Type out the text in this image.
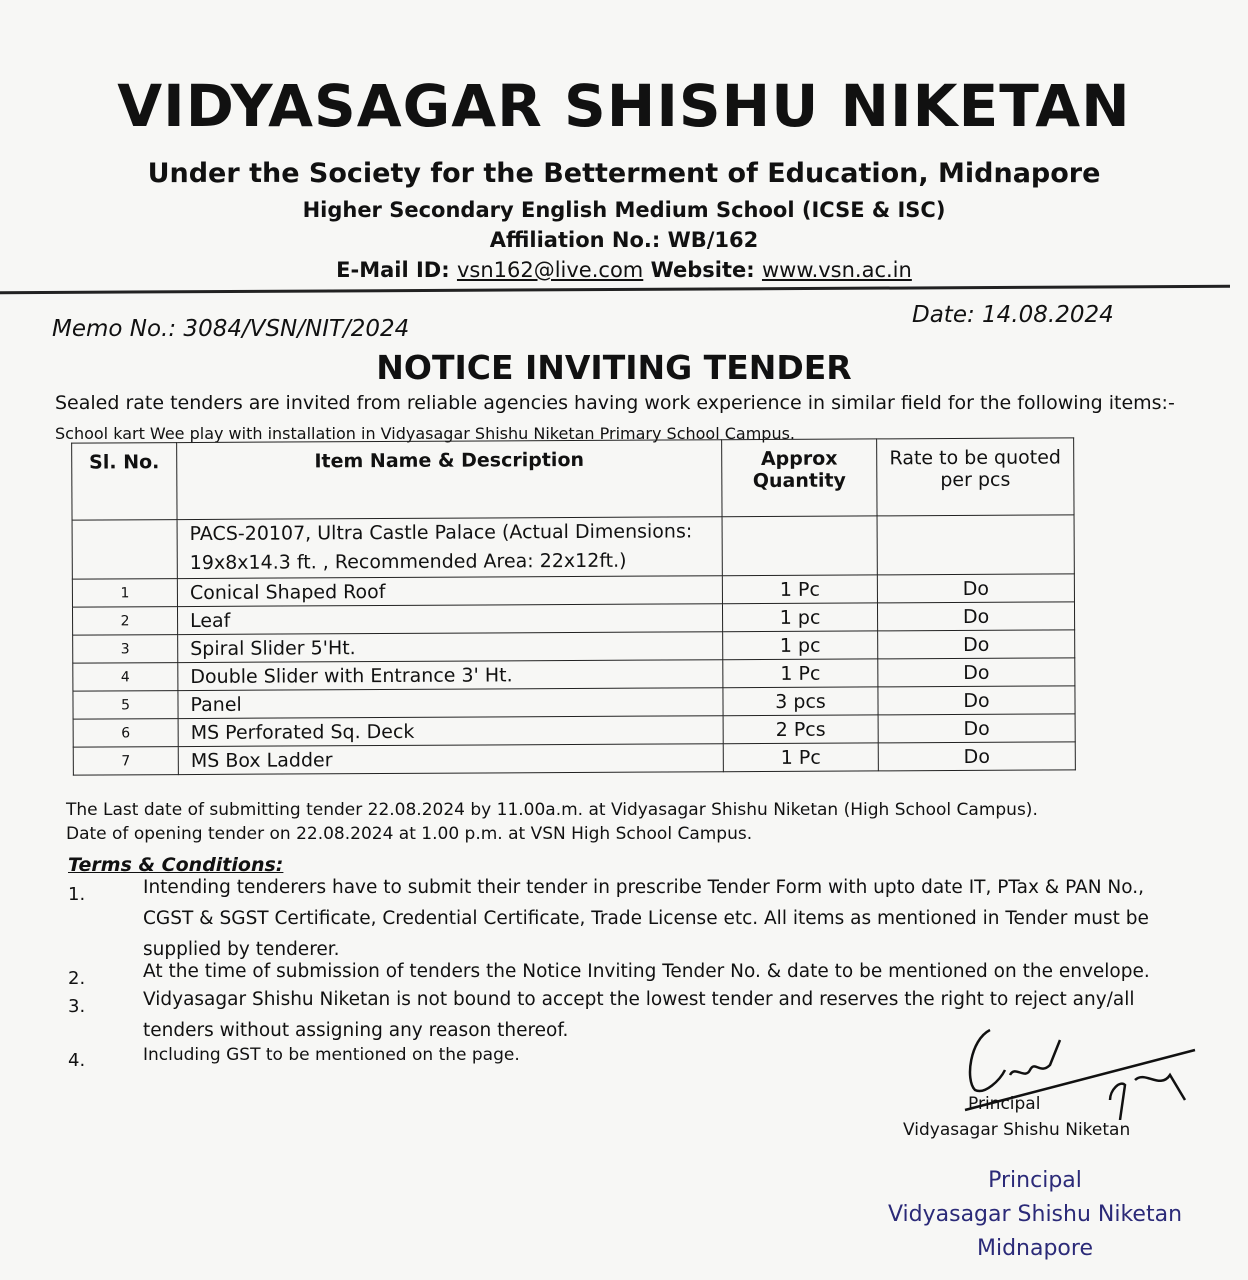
VIDYASAGAR SHISHU NIKETAN
Under the Society for the Betterment of Education, Midnapore
Higher Secondary English Medium School (ICSE & ISC)
Affiliation No.: WB/162
E-Mail ID: vsn162@live.com Website: www.vsn.ac.in
Memo No.: 3084/VSN/NIT/2024
Date: 14.08.2024
NOTICE INVITING TENDER
Sealed rate tenders are invited from reliable agencies having work experience in similar field for the following items:-
School kart Wee play with installation in Vidyasagar Shishu Niketan Primary School Campus.
Sl. No.	Item Name & Description	Approx Quantity	Rate to be quoted per pcs
	PACS-20107, Ultra Castle Palace (Actual Dimensions: 19x8x14.3 ft. , Recommended Area: 22x12ft.)		
1	Conical Shaped Roof	1 Pc	Do
2	Leaf	1 pc	Do
3	Spiral Slider 5'Ht.	1 pc	Do
4	Double Slider with Entrance 3' Ht.	1 Pc	Do
5	Panel	3 pcs	Do
6	MS Perforated Sq. Deck	2 Pcs	Do
7	MS Box Ladder	1 Pc	Do
The Last date of submitting tender 22.08.2024 by 11.00a.m. at Vidyasagar Shishu Niketan (High School Campus).
Date of opening tender on 22.08.2024 at 1.00 p.m. at VSN High School Campus.
Terms & Conditions:
1.	Intending tenderers have to submit their tender in prescribe Tender Form with upto date IT, PTax & PAN No., CGST & SGST Certificate, Credential Certificate, Trade License etc. All items as mentioned in Tender must be supplied by tenderer.
2.	At the time of submission of tenders the Notice Inviting Tender No. & date to be mentioned on the envelope.
3.	Vidyasagar Shishu Niketan is not bound to accept the lowest tender and reserves the right to reject any/all tenders without assigning any reason thereof.
4.	Including GST to be mentioned on the page.
Principal
Vidyasagar Shishu Niketan
Principal
Vidyasagar Shishu Niketan
Midnapore
